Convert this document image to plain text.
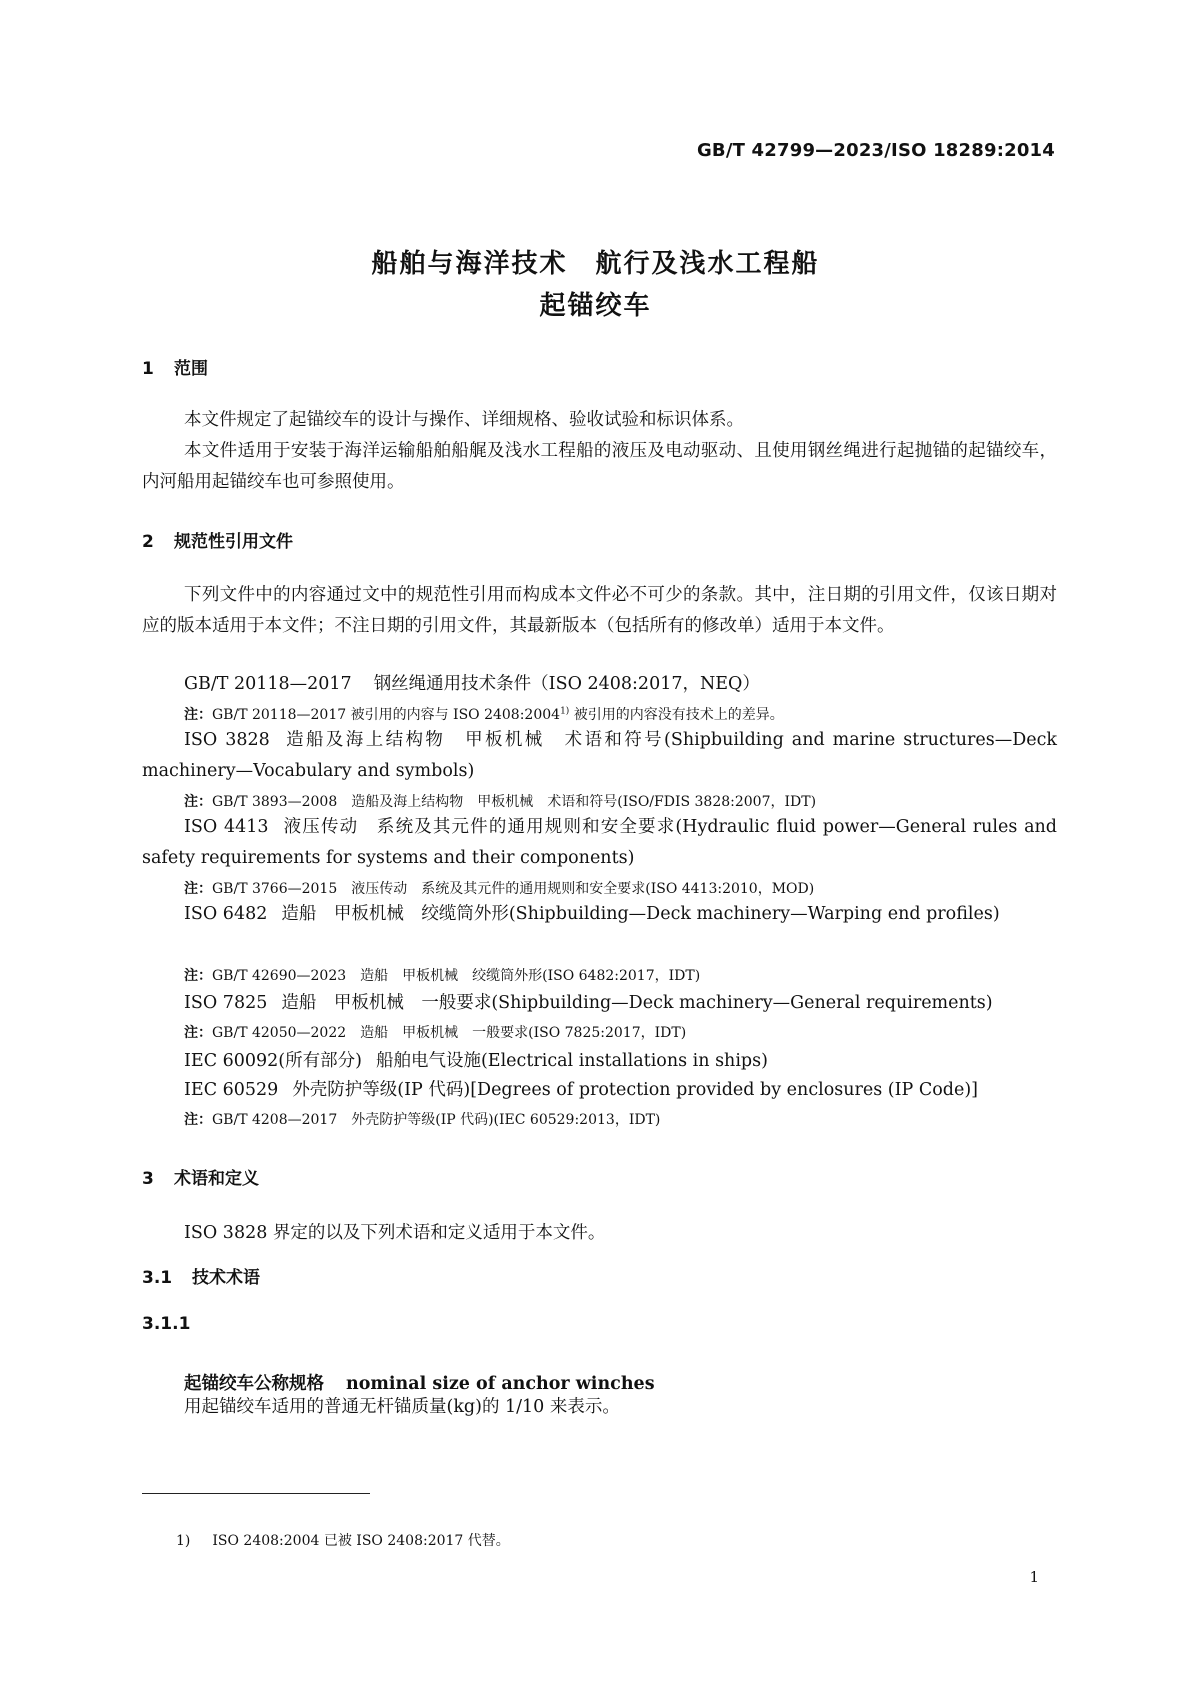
GB/T 42799—2023/ISO 18289:2014
船舶与海洋技术　航行及浅水工程船
起锚绞车
1 范围
本文件规定了起锚绞车的设计与操作、详细规格、验收试验和标识体系。
本文件适用于安装于海洋运输船舶船艉及浅水工程船的液压及电动驱动、且使用钢丝绳进行起抛锚的起锚绞车，内河船用起锚绞车也可参照使用。
2 规范性引用文件
下列文件中的内容通过文中的规范性引用而构成本文件必不可少的条款。其中，注日期的引用文件，仅该日期对应的版本适用于本文件；不注日期的引用文件，其最新版本（包括所有的修改单）适用于本文件。
GB/T 20118—2017 钢丝绳通用技术条件（ISO 2408:2017，NEQ）
注：GB/T 20118—2017 被引用的内容与 ISO 2408:2004$^{1)}$ 被引用的内容没有技术上的差异。
ISO 3828 造船及海上结构物　甲板机械　术语和符号(Shipbuilding and marine structures—Deck machinery—Vocabulary and symbols)
注：GB/T 3893—2008　造船及海上结构物　甲板机械　术语和符号(ISO/FDIS 3828:2007，IDT)
ISO 4413 液压传动　系统及其元件的通用规则和安全要求(Hydraulic fluid power—General rules and safety requirements for systems and their components)
注：GB/T 3766—2015　液压传动　系统及其元件的通用规则和安全要求(ISO 4413:2010，MOD)
ISO 6482 造船　甲板机械　绞缆筒外形(Shipbuilding—Deck machinery—Warping end profiles)
注：GB/T 42690—2023　造船　甲板机械　绞缆筒外形(ISO 6482:2017，IDT)
ISO 7825 造船　甲板机械　一般要求(Shipbuilding—Deck machinery—General requirements)
注：GB/T 42050—2022　造船　甲板机械　一般要求(ISO 7825:2017，IDT)
IEC 60092(所有部分) 船舶电气设施(Electrical installations in ships)
IEC 60529 外壳防护等级(IP 代码)[Degrees of protection provided by enclosures (IP Code)]
注：GB/T 4208—2017　外壳防护等级(IP 代码)(IEC 60529:2013，IDT)
3 术语和定义
ISO 3828 界定的以及下列术语和定义适用于本文件。
3.1 技术术语
3.1.1
起锚绞车公称规格 nominal size of anchor winches
用起锚绞车适用的普通无杆锚质量(kg)的 1/10 来表示。
1) ISO 2408:2004 已被 ISO 2408:2017 代替。
1
